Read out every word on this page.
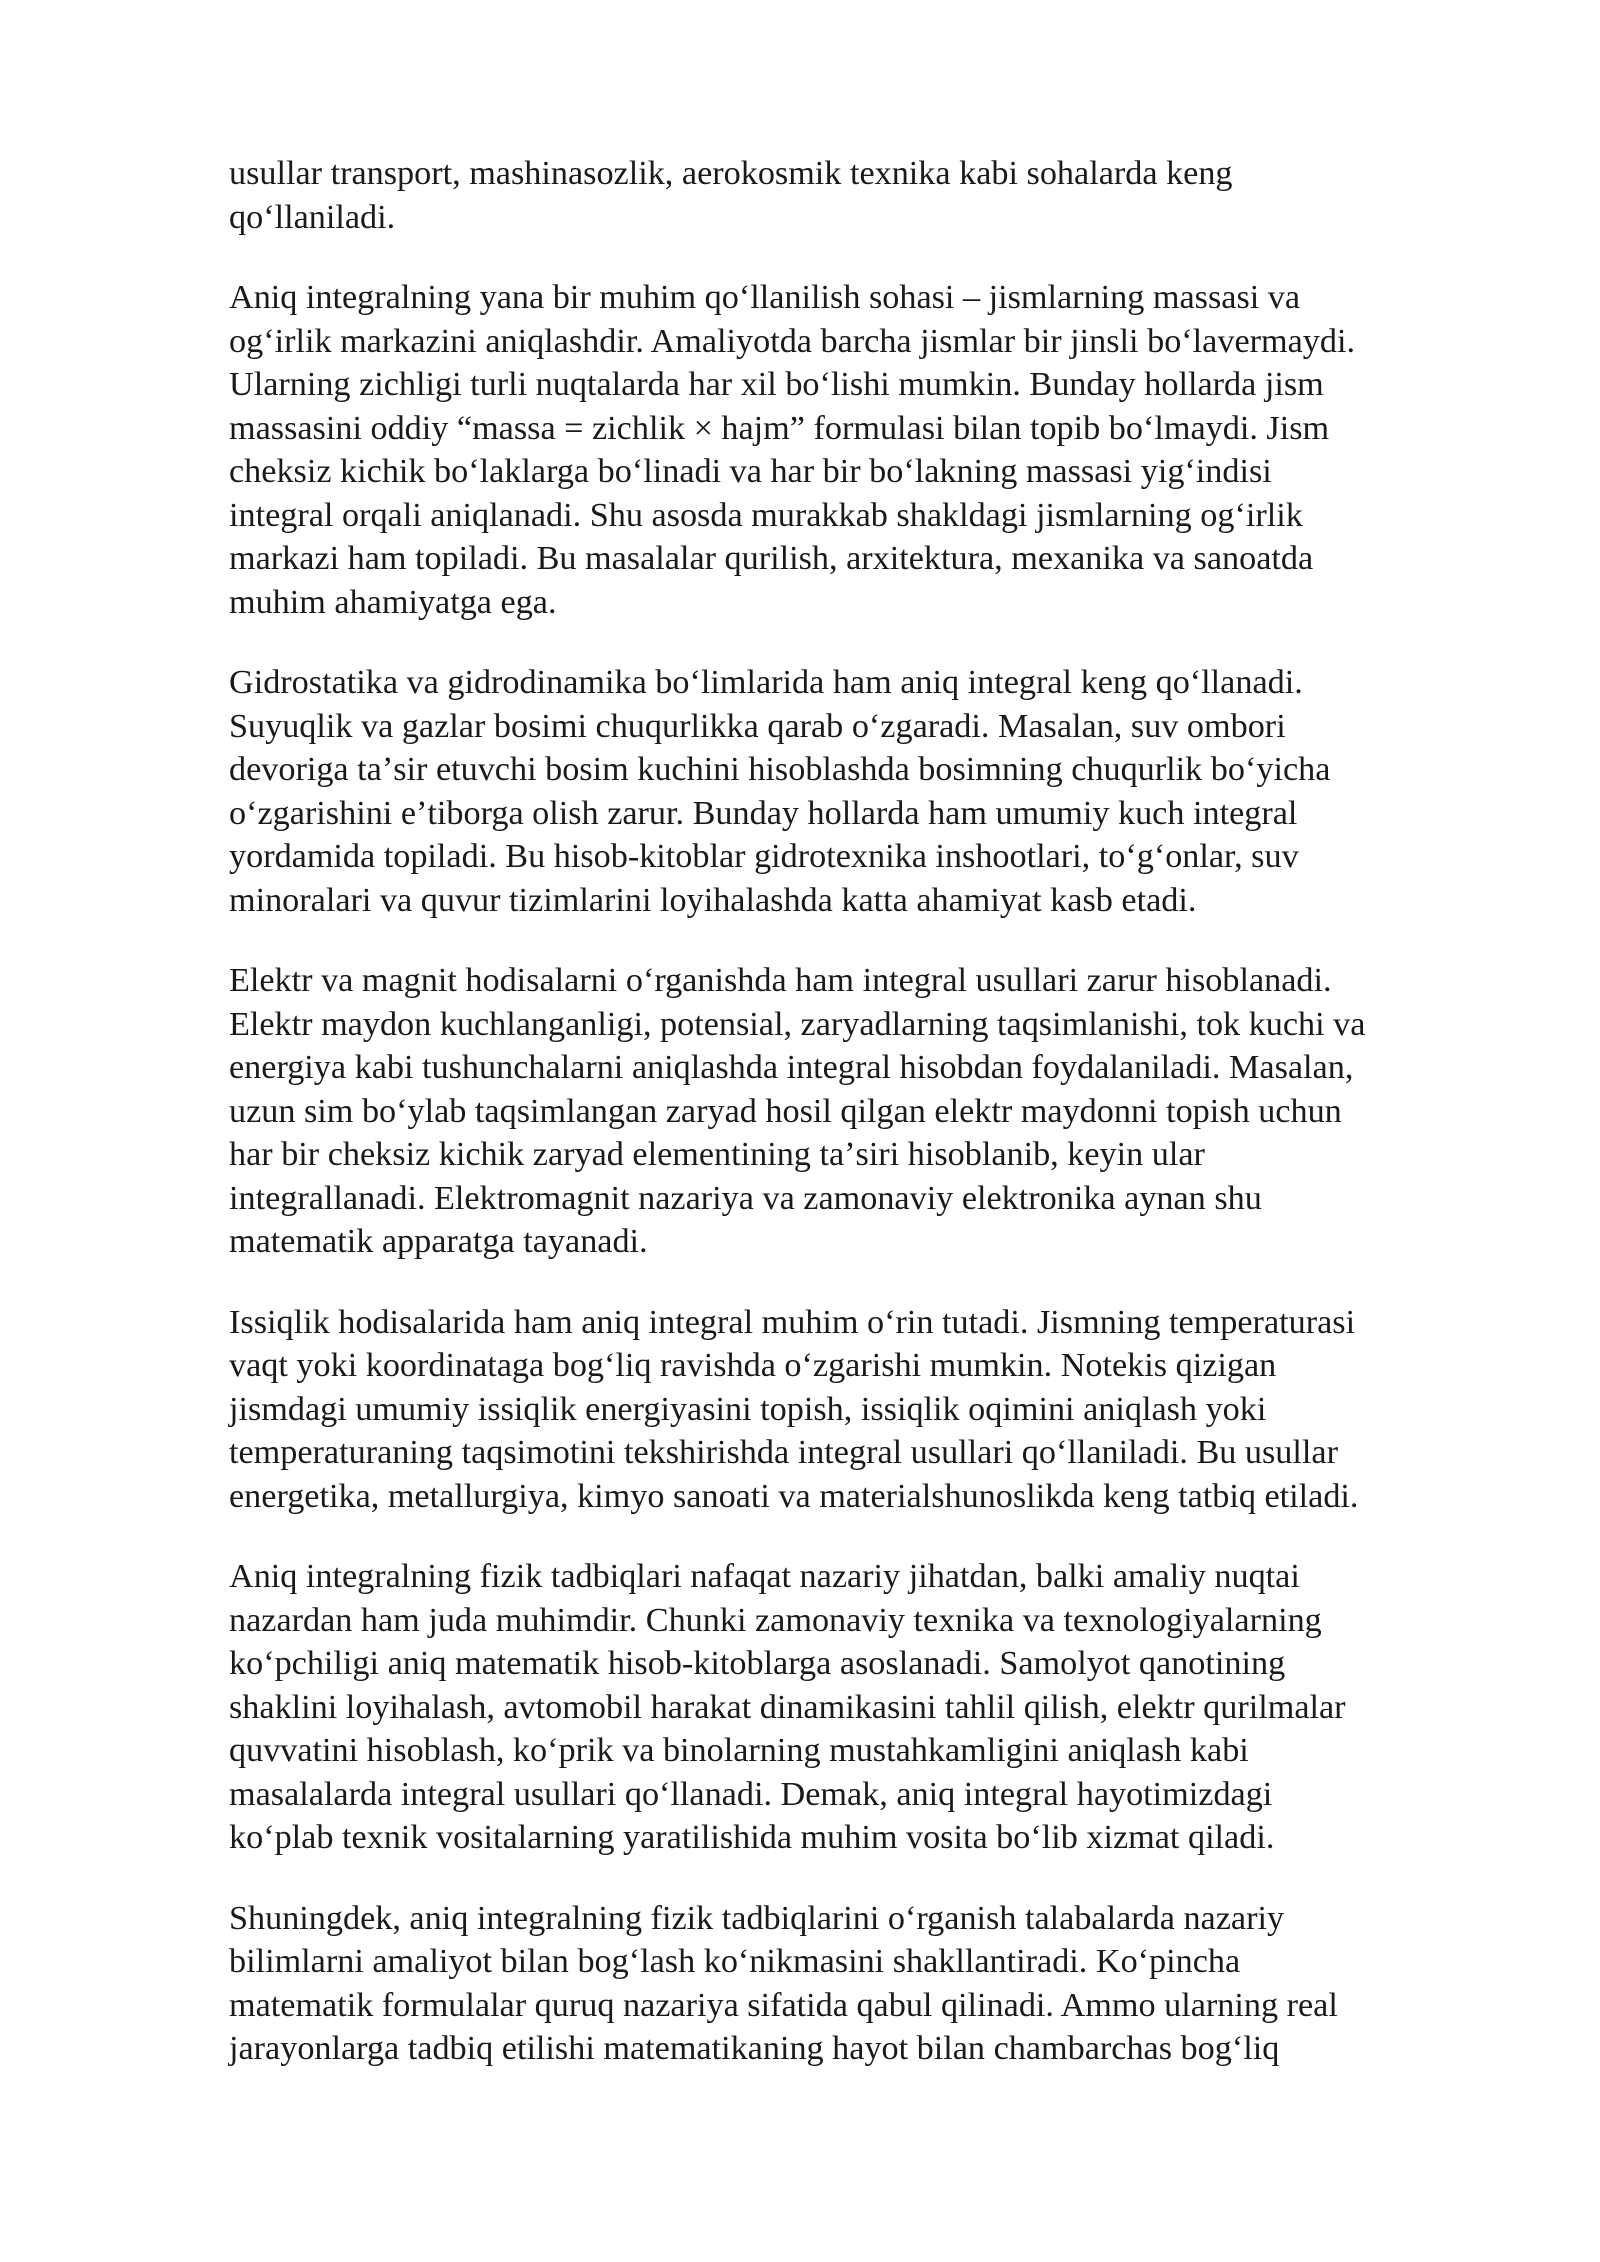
usullar transport, mashinasozlik, aerokosmik texnika kabi sohalarda keng
qoʻllaniladi.

Aniq integralning yana bir muhim qoʻllanilish sohasi – jismlarning massasi va
ogʻirlik markazini aniqlashdir. Amaliyotda barcha jismlar bir jinsli boʻlavermaydi.
Ularning zichligi turli nuqtalarda har xil boʻlishi mumkin. Bunday hollarda jism
massasini oddiy “massa = zichlik × hajm” formulasi bilan topib boʻlmaydi. Jism
cheksiz kichik boʻlaklarga boʻlinadi va har bir boʻlakning massasi yigʻindisi
integral orqali aniqlanadi. Shu asosda murakkab shakldagi jismlarning ogʻirlik
markazi ham topiladi. Bu masalalar qurilish, arxitektura, mexanika va sanoatda
muhim ahamiyatga ega.

Gidrostatika va gidrodinamika boʻlimlarida ham aniq integral keng qoʻllanadi.
Suyuqlik va gazlar bosimi chuqurlikka qarab oʻzgaradi. Masalan, suv ombori
devoriga taʼsir etuvchi bosim kuchini hisoblashda bosimning chuqurlik boʻyicha
oʻzgarishini eʼtiborga olish zarur. Bunday hollarda ham umumiy kuch integral
yordamida topiladi. Bu hisob-kitoblar gidrotexnika inshootlari, toʻgʻonlar, suv
minoralari va quvur tizimlarini loyihalashda katta ahamiyat kasb etadi.

Elektr va magnit hodisalarni oʻrganishda ham integral usullari zarur hisoblanadi.
Elektr maydon kuchlanganligi, potensial, zaryadlarning taqsimlanishi, tok kuchi va
energiya kabi tushunchalarni aniqlashda integral hisobdan foydalaniladi. Masalan,
uzun sim boʻylab taqsimlangan zaryad hosil qilgan elektr maydonni topish uchun
har bir cheksiz kichik zaryad elementining taʼsiri hisoblanib, keyin ular
integrallanadi. Elektromagnit nazariya va zamonaviy elektronika aynan shu
matematik apparatga tayanadi.

Issiqlik hodisalarida ham aniq integral muhim oʻrin tutadi. Jismning temperaturasi
vaqt yoki koordinataga bogʻliq ravishda oʻzgarishi mumkin. Notekis qizigan
jismdagi umumiy issiqlik energiyasini topish, issiqlik oqimini aniqlash yoki
temperaturaning taqsimotini tekshirishda integral usullari qoʻllaniladi. Bu usullar
energetika, metallurgiya, kimyo sanoati va materialshunoslikda keng tatbiq etiladi.

Aniq integralning fizik tadbiqlari nafaqat nazariy jihatdan, balki amaliy nuqtai
nazardan ham juda muhimdir. Chunki zamonaviy texnika va texnologiyalarning
koʻpchiligi aniq matematik hisob-kitoblarga asoslanadi. Samolyot qanotining
shaklini loyihalash, avtomobil harakat dinamikasini tahlil qilish, elektr qurilmalar
quvvatini hisoblash, koʻprik va binolarning mustahkamligini aniqlash kabi
masalalarda integral usullari qoʻllanadi. Demak, aniq integral hayotimizdagi
koʻplab texnik vositalarning yaratilishida muhim vosita boʻlib xizmat qiladi.

Shuningdek, aniq integralning fizik tadbiqlarini oʻrganish talabalarda nazariy
bilimlarni amaliyot bilan bogʻlash koʻnikmasini shakllantiradi. Koʻpincha
matematik formulalar quruq nazariya sifatida qabul qilinadi. Ammo ularning real
jarayonlarga tadbiq etilishi matematikaning hayot bilan chambarchas bogʻliq
